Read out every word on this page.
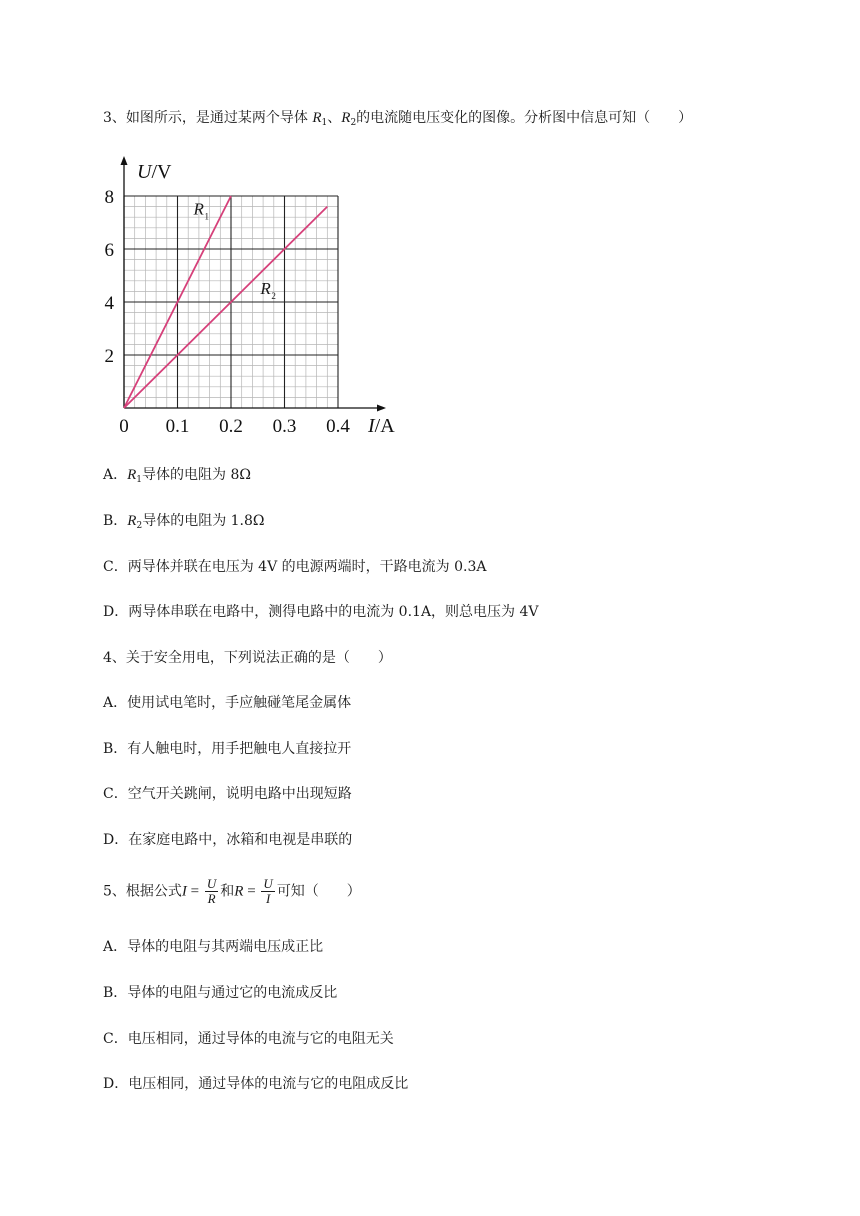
3、如图所示，是通过某两个导体 $R_1$、$R_2$的电流随电压变化的图像。分析图中信息可知（　　）
R 1
R 2
0 0.1 0.2 0.3 0.4
2
4
6
8
I/A
U/V
A．$R_1$导体的电阻为 8Ω
B．$R_2$导体的电阻为 1.8Ω
C．两导体并联在电压为 4V 的电源两端时，干路电流为 0.3A
D．两导体串联在电路中，测得电路中的电流为 0.1A，则总电压为 4V
4、关于安全用电，下列说法正确的是（　　）
A．使用试电笔时，手应触碰笔尾金属体
B．有人触电时，用手把触电人直接拉开
C．空气开关跳闸，说明电路中出现短路
D．在家庭电路中，冰箱和电视是串联的
5、根据公式$I = \frac{U}{R}$ 和$R = \frac{U}{I}$ 可知（　　）
A．导体的电阻与其两端电压成正比
B．导体的电阻与通过它的电流成反比
C．电压相同，通过导体的电流与它的电阻无关
D．电压相同，通过导体的电流与它的电阻成反比
